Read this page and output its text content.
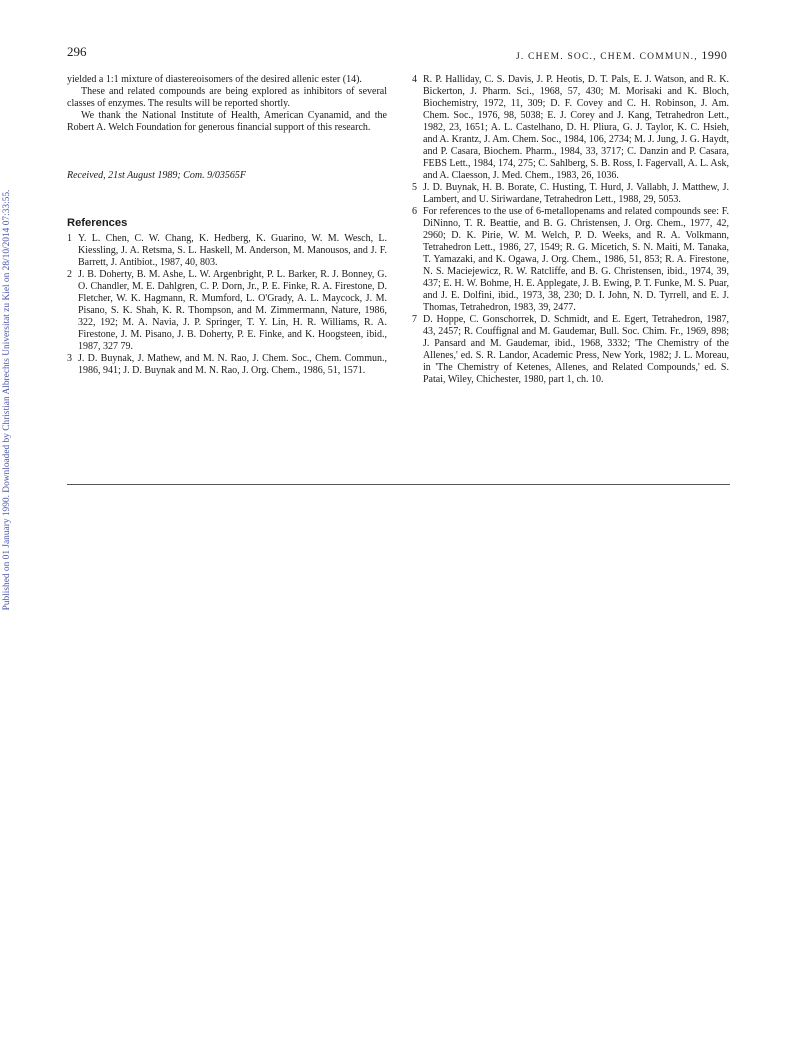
Published on 01 January 1990. Downloaded by Christian Albrechts Universitat zu Kiel on 28/10/2014 07:33:55.
296	J. CHEM. SOC., CHEM. COMMUN., 1990

yielded a 1:1 mixture of diastereoisomers of the desired allenic ester (14).

These and related compounds are being explored as inhibitors of several classes of enzymes. The results will be reported shortly.

We thank the National Institute of Health, American Cyanamid, and the Robert A. Welch Foundation for generous financial support of this research.

Received, 21st August 1989; Com. 9/03565F

References
1 Y. L. Chen, C. W. Chang, K. Hedberg, K. Guarino, W. M. Wesch, L. Kiessling, J. A. Retsma, S. L. Haskell, M. Anderson, M. Manousos, and J. F. Barrett, J. Antibiot., 1987, 40, 803.
2 J. B. Doherty, B. M. Ashe, L. W. Argenbright, P. L. Barker, R. J. Bonney, G. O. Chandler, M. E. Dahlgren, C. P. Dorn, Jr., P. E. Finke, R. A. Firestone, D. Fletcher, W. K. Hagmann, R. Mumford, L. O'Grady, A. L. Maycock, J. M. Pisano, S. K. Shah, K. R. Thompson, and M. Zimmermann, Nature, 1986, 322, 192; M. A. Navia, J. P. Springer, T. Y. Lin, H. R. Williams, R. A. Firestone, J. M. Pisano, J. B. Doherty, P. E. Finke, and K. Hoogsteen, ibid., 1987, 327 79.
3 J. D. Buynak, J. Mathew, and M. N. Rao, J. Chem. Soc., Chem. Commun., 1986, 941; J. D. Buynak and M. N. Rao, J. Org. Chem., 1986, 51, 1571.
4 R. P. Halliday, C. S. Davis, J. P. Heotis, D. T. Pals, E. J. Watson, and R. K. Bickerton, J. Pharm. Sci., 1968, 57, 430; M. Morisaki and K. Bloch, Biochemistry, 1972, 11, 309; D. F. Covey and C. H. Robinson, J. Am. Chem. Soc., 1976, 98, 5038; E. J. Corey and J. Kang, Tetrahedron Lett., 1982, 23, 1651; A. L. Castelhano, D. H. Pliura, G. J. Taylor, K. C. Hsieh, and A. Krantz, J. Am. Chem. Soc., 1984, 106, 2734; M. J. Jung, J. G. Haydt, and P. Casara, Biochem. Pharm., 1984, 33, 3717; C. Danzin and P. Casara, FEBS Lett., 1984, 174, 275; C. Sahlberg, S. B. Ross, I. Fagervall, A. L. Ask, and A. Claesson, J. Med. Chem., 1983, 26, 1036.
5 J. D. Buynak, H. B. Borate, C. Husting, T. Hurd, J. Vallabh, J. Matthew, J. Lambert, and U. Siriwardane, Tetrahedron Lett., 1988, 29, 5053.
6 For references to the use of 6-metallopenams and related compounds see: F. DiNinno, T. R. Beattie, and B. G. Christensen, J. Org. Chem., 1977, 42, 2960; D. K. Pirie, W. M. Welch, P. D. Weeks, and R. A. Volkmann, Tetrahedron Lett., 1986, 27, 1549; R. G. Micetich, S. N. Maiti, M. Tanaka, T. Yamazaki, and K. Ogawa, J. Org. Chem., 1986, 51, 853; R. A. Firestone, N. S. Maciejewicz, R. W. Ratcliffe, and B. G. Christensen, ibid., 1974, 39, 437; E. H. W. Bohme, H. E. Applegate, J. B. Ewing, P. T. Funke, M. S. Puar, and J. E. Dolfini, ibid., 1973, 38, 230; D. I. John, N. D. Tyrrell, and E. J. Thomas, Tetrahedron, 1983, 39, 2477.
7 D. Hoppe, C. Gonschorrek, D. Schmidt, and E. Egert, Tetrahedron, 1987, 43, 2457; R. Couffignal and M. Gaudemar, Bull. Soc. Chim. Fr., 1969, 898; J. Pansard and M. Gaudemar, ibid., 1968, 3332; 'The Chemistry of the Allenes,' ed. S. R. Landor, Academic Press, New York, 1982; J. L. Moreau, in 'The Chemistry of Ketenes, Allenes, and Related Compounds,' ed. S. Patai, Wiley, Chichester, 1980, part 1, ch. 10.
